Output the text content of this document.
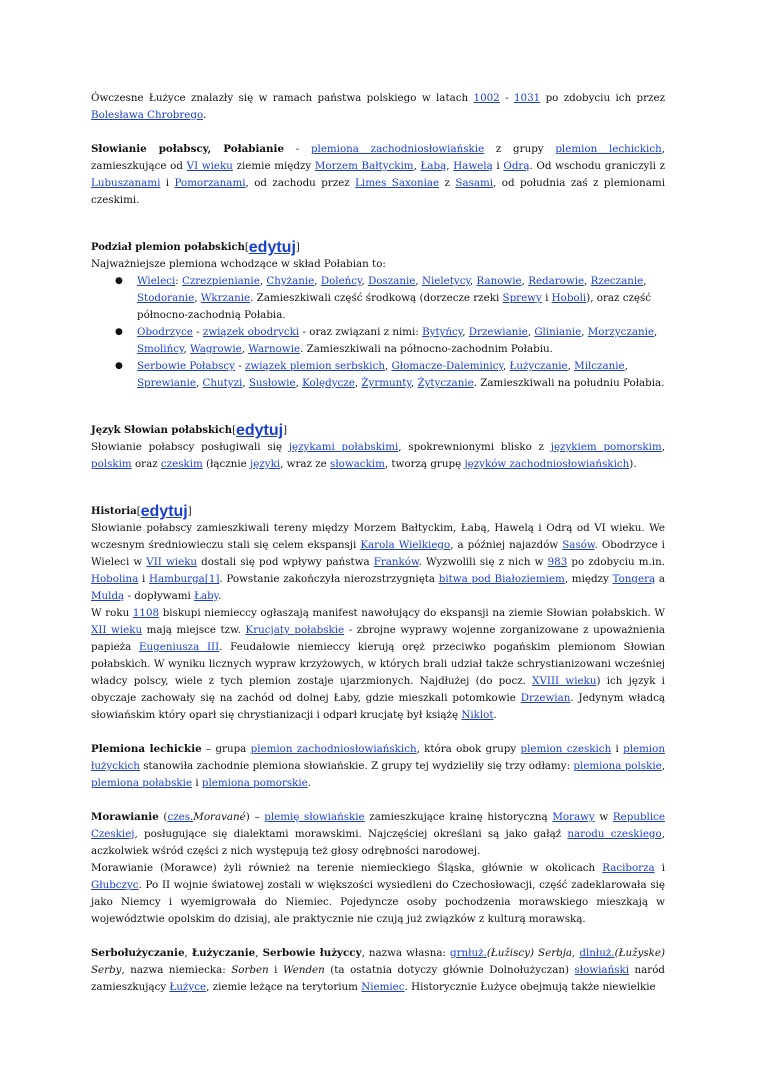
Ówczesne Łużyce znalazły się w ramach państwa polskiego w latach 1002 - 1031 po zdobyciu ich przez Bolesława Chrobrego.

Słowianie połabscy, Połabianie - plemiona zachodniosłowiańskie z grupy plemion lechickich, zamieszkujące od VI wieku ziemie między Morzem Bałtyckim, Łabą, Hawelą i Odrą. Od wschodu graniczyli z Lubuszanami i Pomorzanami, od zachodu przez Limes Saxoniae z Sasami, od południa zaś z plemionami czeskimi.

Podział plemion połabskich [ edytuj ]

Najważniejsze plemiona wchodzące w skład Połabian to:

● Wieleci: Czrezpienianie, Chyżanie, Doleńcy, Doszanie, Nieletycy, Ranowie, Redarowie, Rzeczanie, Stodoranie, Wkrzanie. Zamieszkiwali część środkową (dorzecze rzeki Sprewy i Hoboli), oraz część północno-zachodnią Połabia.
● Obodrzyce - związek obodrycki - oraz związani z nimi: Bytyńcy, Drzewianie, Glinianie, Morzyczanie, Smolińcy, Wagrowie, Warnowie. Zamieszkiwali na północno-zachodnim Połabiu.
● Serbowie Połabscy - związek plemion serbskich, Głomacze-Daleminicy, Łużyczanie, Milczanie, Sprewianie, Chutyzi, Susłowie, Kolędycze, Żyrmunty, Żytyczanie. Zamieszkiwali na południu Połabia.
Język Słowian połabskich [ edytuj ]

Słowianie połabscy posługiwali się językami połabskimi, spokrewnionymi blisko z językiem pomorskim, polskim oraz czeskim (łącznie języki, wraz ze słowackim, tworzą grupę języków zachodniosłowiańskich).

Historia [ edytuj ]

Słowianie połabscy zamieszkiwali tereny między Morzem Bałtyckim, Łabą, Hawelą i Odrą od VI wieku. We wczesnym średniowieczu stali się celem ekspansji Karola Wielkiego, a później najazdów Sasów. Obodrzyce i Wieleci w VII wieku dostali się pod wpływy państwa Franków. Wyzwolili się z nich w 983 po zdobyciu m.in. Hobolina i Hamburga[1]. Powstanie zakończyła nierozstrzygnięta bitwa pod Białoziemiem, między Tongerą a Muldą - dopływami Łaby.

W roku 1108 biskupi niemieccy ogłaszają manifest nawołujący do ekspansji na ziemie Słowian połabskich. W XII wieku mają miejsce tzw. Krucjaty połabskie - zbrojne wyprawy wojenne zorganizowane z upoważnienia papieża Eugeniusza III. Feudałowie niemieccy kierują oręż przeciwko pogańskim plemionom Słowian połabskich. W wyniku licznych wypraw krzyżowych, w których brali udział także schrystianizowani wcześniej władcy polscy, wiele z tych plemion zostaje ujarzmionych. Najdłużej (do pocz. XVIII wieku) ich język i obyczaje zachowały się na zachód od dolnej Łaby, gdzie mieszkali potomkowie Drzewian. Jedynym władcą słowiańskim który oparł się chrystianizacji i odparł krucjatę był książę Niklot.

Plemiona lechickie – grupa plemion zachodniosłowiańskich, która obok grupy plemion czeskich i plemion łużyckich stanowiła zachodnie plemiona słowiańskie. Z grupy tej wydzieliły się trzy odłamy: plemiona polskie, plemiona połabskie i plemiona pomorskie.

Morawianie (czes.Moravané) – plemię słowiańskie zamieszkujące krainę historyczną Morawy w Republice Czeskiej, posługujące się dialektami morawskimi. Najczęściej określani są jako gałąź narodu czeskiego, aczkolwiek wśród części z nich występują też głosy odrębności narodowej.

Morawianie (Morawce) żyli również na terenie niemieckiego Śląska, głównie w okolicach Raciborza i Głubczyc. Po II wojnie światowej zostali w większości wysiedleni do Czechosłowacji, część zadeklarowała się jako Niemcy i wyemigrowała do Niemiec. Pojedyncze osoby pochodzenia morawskiego mieszkają w województwie opolskim do dzisiaj, ale praktycznie nie czują już związków z kulturą morawską.

Serbołużyczanie, Łużyczanie, Serbowie łużyccy, nazwa własna: grnłuż.(Łužiscy) Serbja, dlnłuż.(Łužyske) Serby, nazwa niemiecka: Sorben i Wenden (ta ostatnia dotyczy głównie Dolnołużyczan) słowiański naród zamieszkujący Łużyce, ziemie leżące na terytorium Niemiec. Historycznie Łużyce obejmują także niewielkie
